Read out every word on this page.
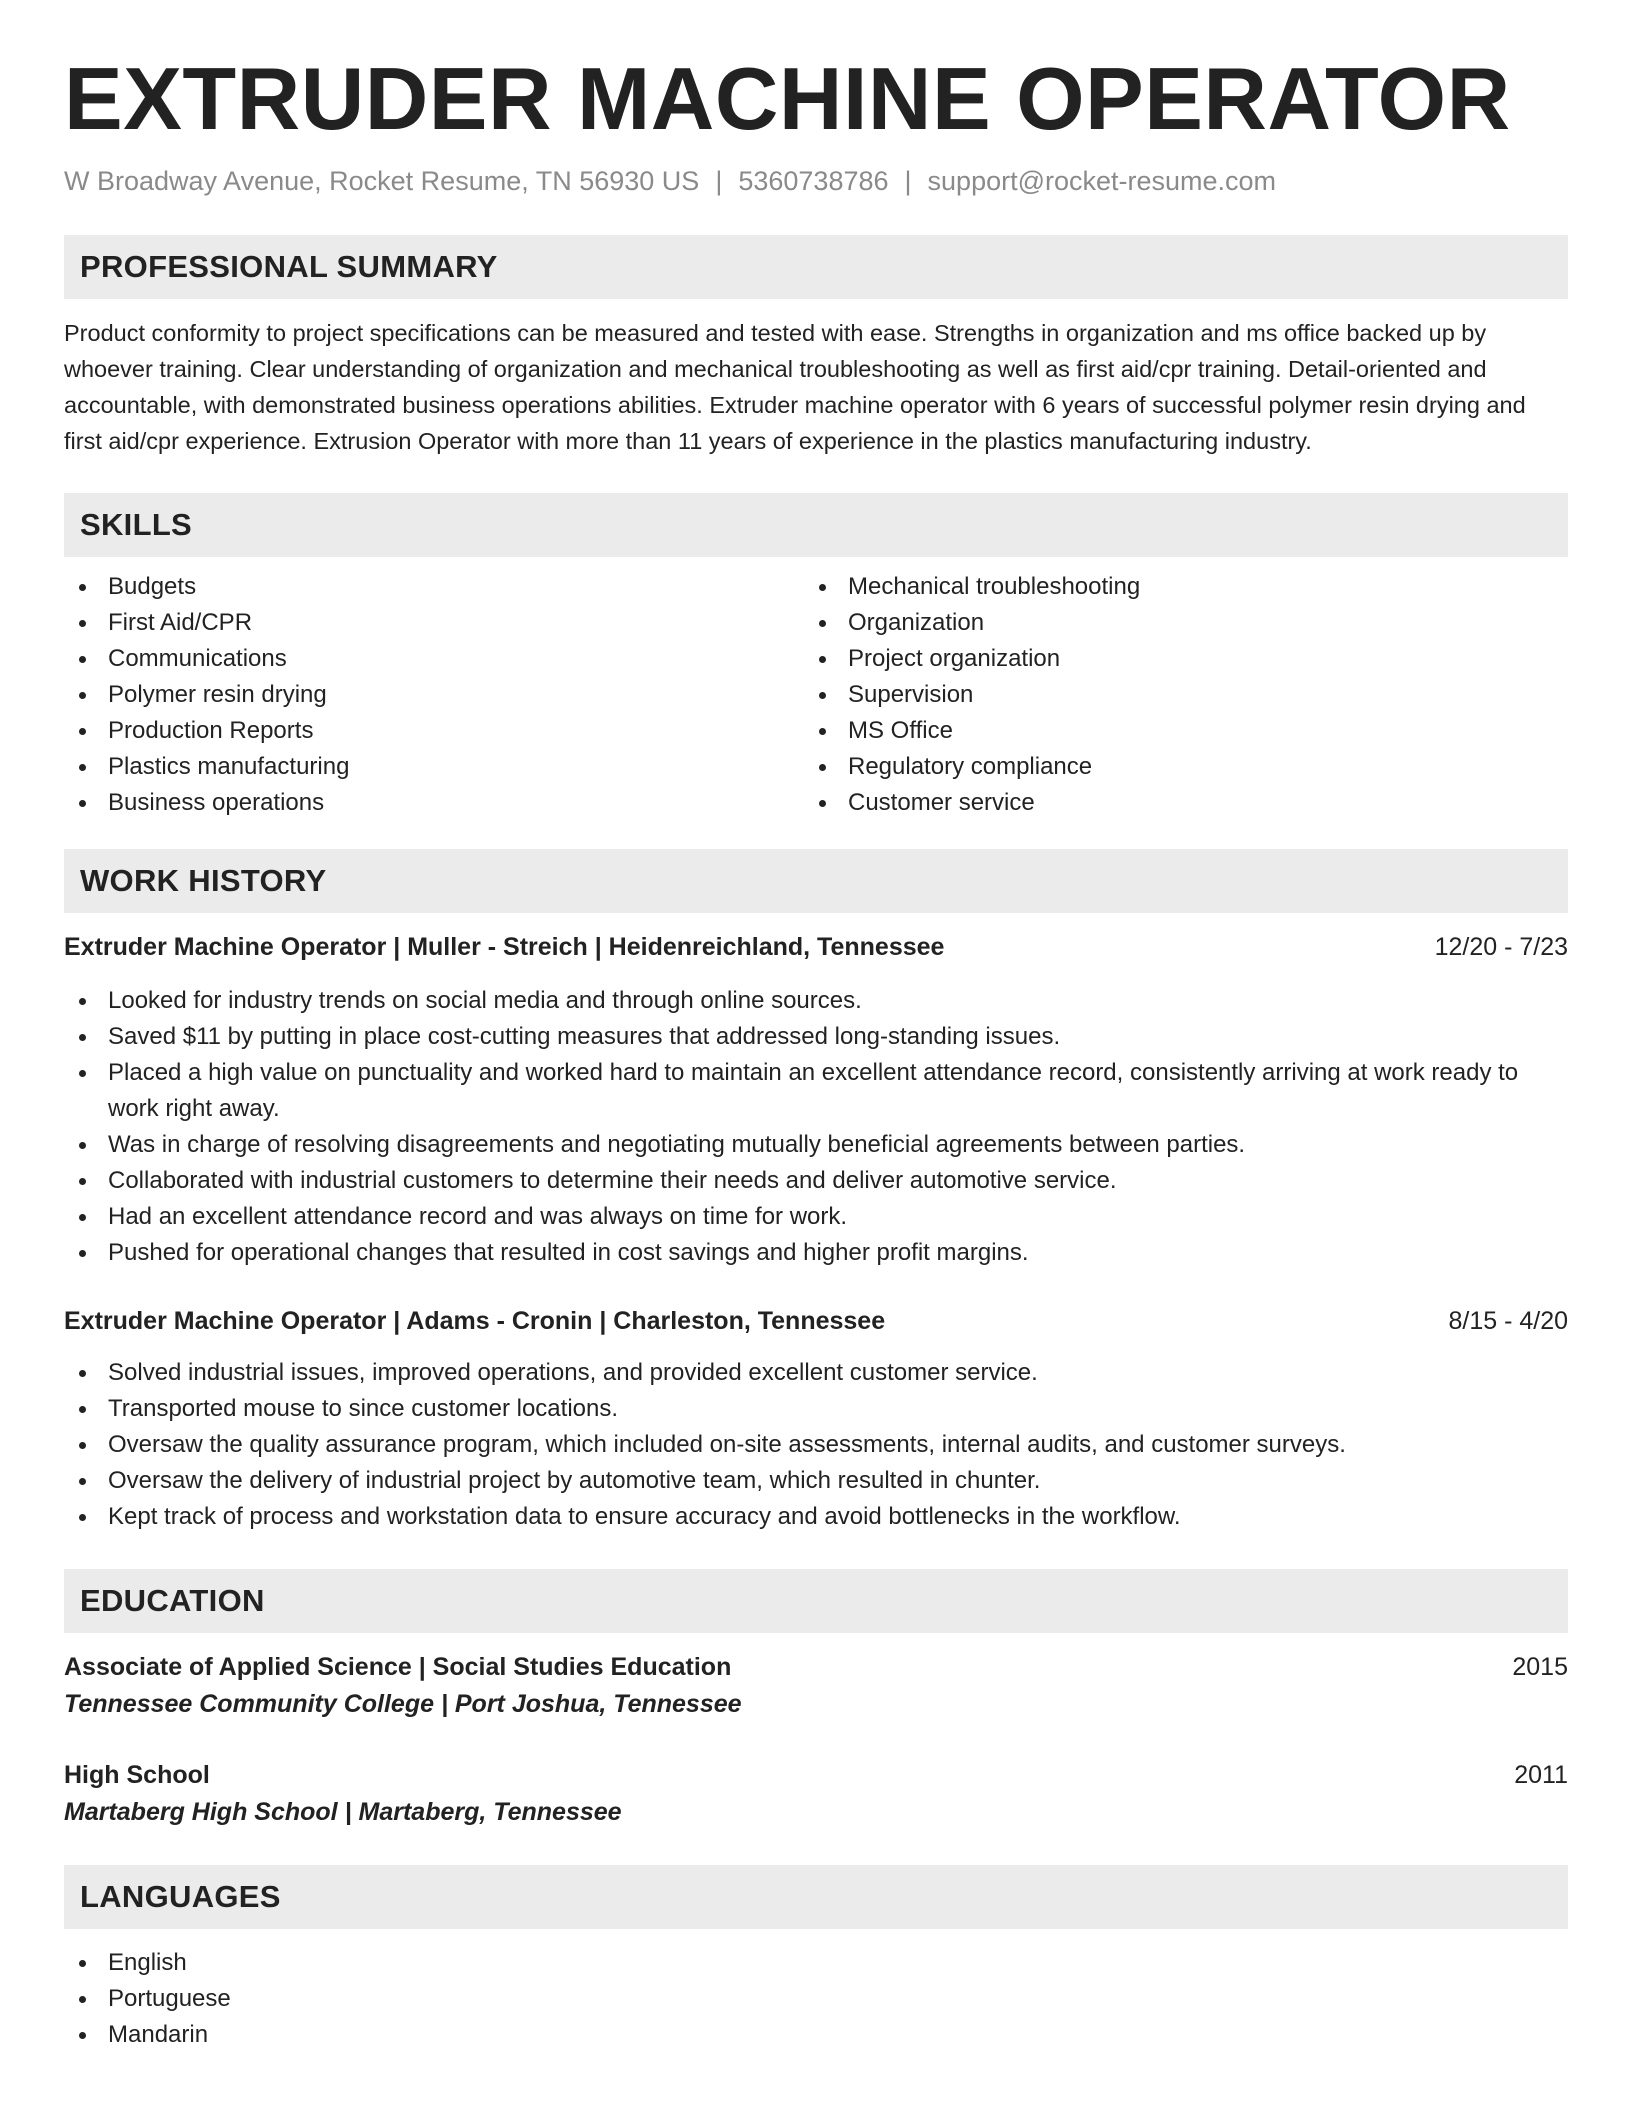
EXTRUDER MACHINE OPERATOR
W Broadway Avenue, Rocket Resume, TN 56930 US | 5360738786 | support@rocket-resume.com
PROFESSIONAL SUMMARY

Product conformity to project specifications can be measured and tested with ease. Strengths in organization and ms office backed up by whoever training. Clear understanding of organization and mechanical troubleshooting as well as first aid/cpr training. Detail-oriented and accountable, with demonstrated business operations abilities. Extruder machine operator with 6 years of successful polymer resin drying and first aid/cpr experience. Extrusion Operator with more than 11 years of experience in the plastics manufacturing industry.

SKILLS
Budgets
First Aid/CPR
Communications
Polymer resin drying
Production Reports
Plastics manufacturing
Business operations
Mechanical troubleshooting
Organization
Project organization
Supervision
MS Office
Regulatory compliance
Customer service
WORK HISTORY
Extruder Machine Operator | Muller - Streich | Heidenreichland, Tennessee	12/20 - 7/23
Looked for industry trends on social media and through online sources.
Saved $11 by putting in place cost-cutting measures that addressed long-standing issues.
Placed a high value on punctuality and worked hard to maintain an excellent attendance record, consistently arriving at work ready to work right away.
Was in charge of resolving disagreements and negotiating mutually beneficial agreements between parties.
Collaborated with industrial customers to determine their needs and deliver automotive service.
Had an excellent attendance record and was always on time for work.
Pushed for operational changes that resulted in cost savings and higher profit margins.
Extruder Machine Operator | Adams - Cronin | Charleston, Tennessee	8/15 - 4/20
Solved industrial issues, improved operations, and provided excellent customer service.
Transported mouse to since customer locations.
Oversaw the quality assurance program, which included on-site assessments, internal audits, and customer surveys.
Oversaw the delivery of industrial project by automotive team, which resulted in chunter.
Kept track of process and workstation data to ensure accuracy and avoid bottlenecks in the workflow.
EDUCATION
Associate of Applied Science | Social Studies Education	2015
Tennessee Community College | Port Joshua, Tennessee
High School	2011
Martaberg High School | Martaberg, Tennessee
LANGUAGES
English
Portuguese
Mandarin
